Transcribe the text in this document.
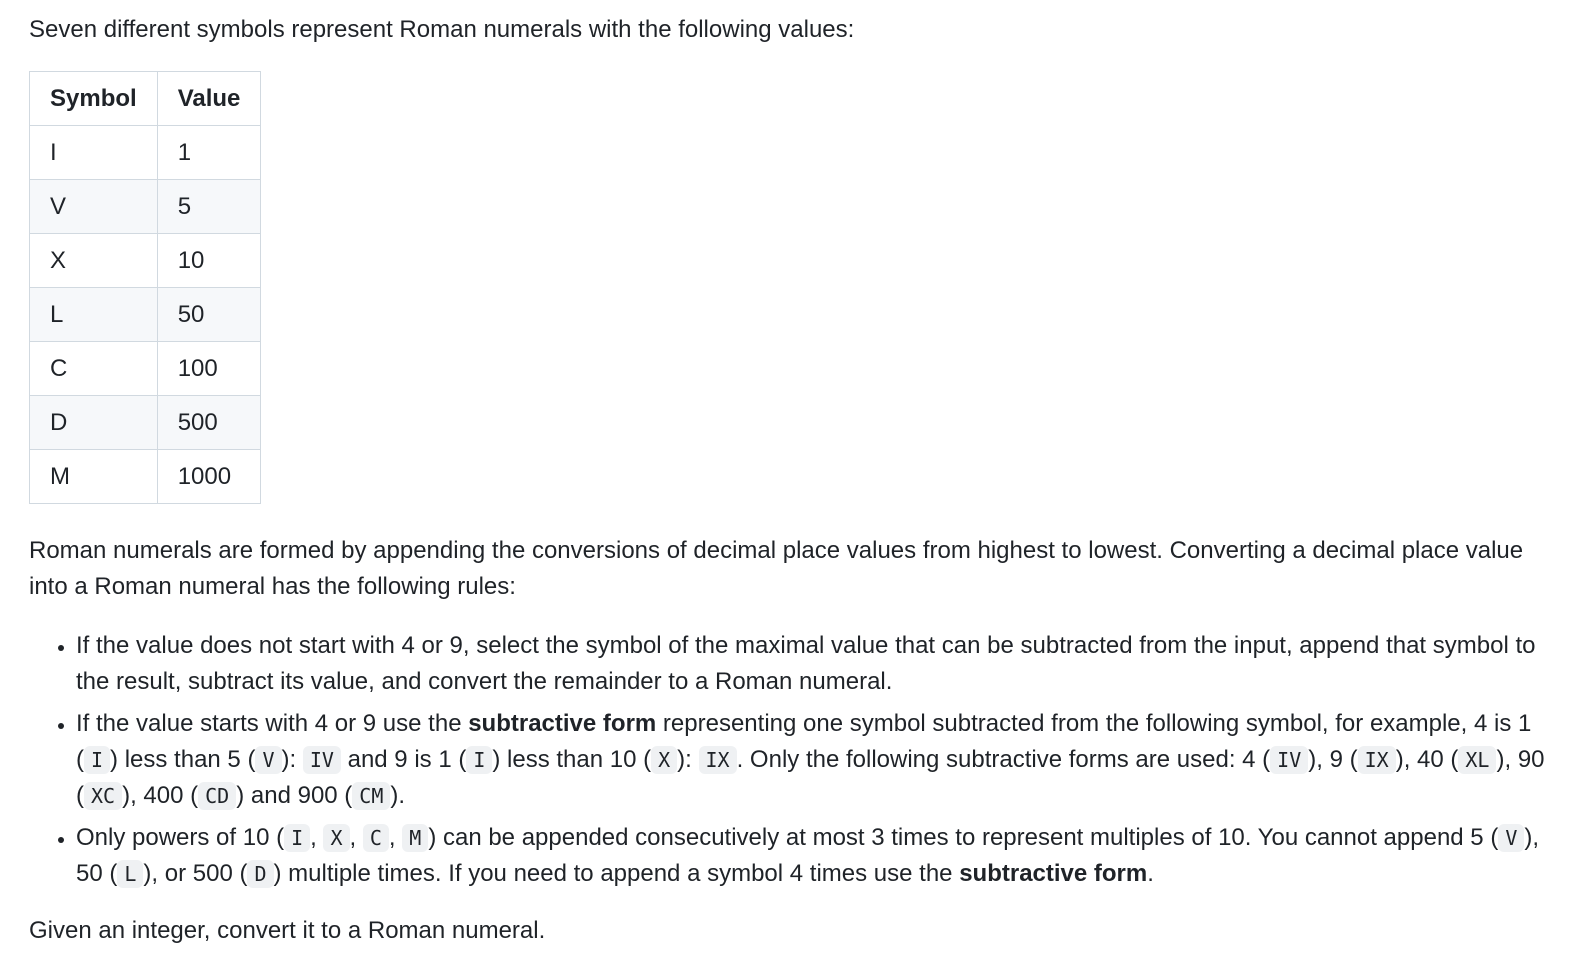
Seven different symbols represent Roman numerals with the following values:

Symbol	Value
I	1
V	5
X	10
L	50
C	100
D	500
M	1000

Roman numerals are formed by appending the conversions of decimal place values from highest to lowest. Converting a decimal place value into a Roman numeral has the following rules:

• If the value does not start with 4 or 9, select the symbol of the maximal value that can be subtracted from the input, append that symbol to the result, subtract its value, and convert the remainder to a Roman numeral.
• If the value starts with 4 or 9 use the subtractive form representing one symbol subtracted from the following symbol, for example, 4 is 1 ( I ) less than 5 ( V ): IV and 9 is 1 ( I ) less than 10 ( X ): IX . Only the following subtractive forms are used: 4 ( IV ), 9 ( IX ), 40 ( XL ), 90 ( XC ), 400 ( CD ) and 900 ( CM ).
• Only powers of 10 ( I , X , C , M ) can be appended consecutively at most 3 times to represent multiples of 10. You cannot append 5 ( V ), 50 ( L ), or 500 ( D ) multiple times. If you need to append a symbol 4 times use the subtractive form.

Given an integer, convert it to a Roman numeral.
